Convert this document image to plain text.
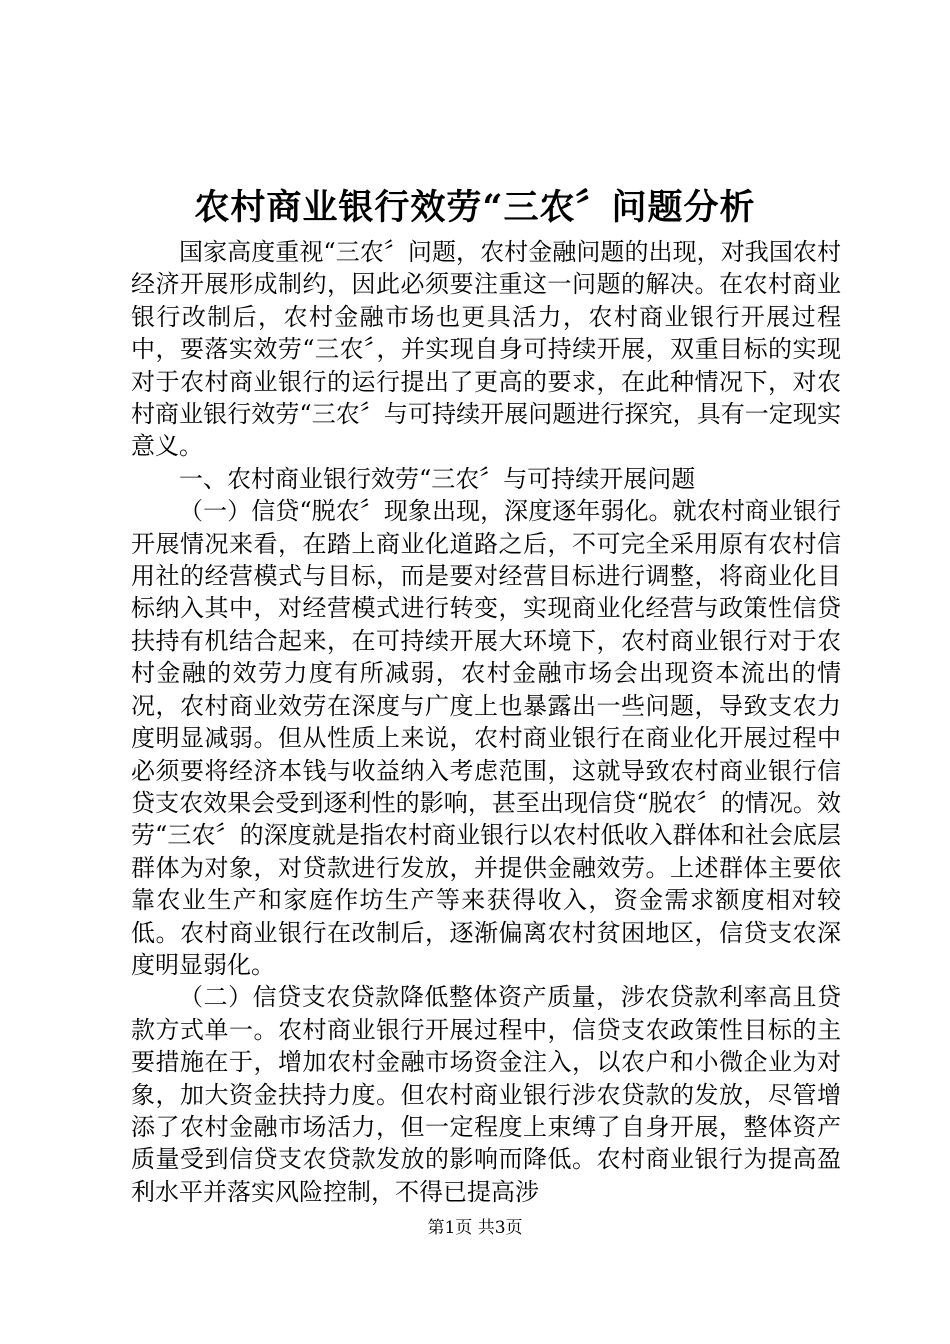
农村商业银行效劳“三农〞问题分析

国家高度重视“三农〞问题，农村金融问题的出现，对我国农村经济开展形成制约，因此必须要注重这一问题的解决。在农村商业银行改制后，农村金融市场也更具活力，农村商业银行开展过程中，要落实效劳“三农〞，并实现自身可持续开展，双重目标的实现对于农村商业银行的运行提出了更高的要求，在此种情况下，对农村商业银行效劳“三农〞与可持续开展问题进行探究，具有一定现实意义。

一、农村商业银行效劳“三农〞与可持续开展问题

（一）信贷“脱农〞现象出现，深度逐年弱化。就农村商业银行开展情况来看，在踏上商业化道路之后，不可完全采用原有农村信用社的经营模式与目标，而是要对经营目标进行调整，将商业化目标纳入其中，对经营模式进行转变，实现商业化经营与政策性信贷扶持有机结合起来，在可持续开展大环境下，农村商业银行对于农村金融的效劳力度有所减弱，农村金融市场会出现资本流出的情况，农村商业效劳在深度与广度上也暴露出一些问题，导致支农力度明显减弱。但从性质上来说，农村商业银行在商业化开展过程中必须要将经济本钱与收益纳入考虑范围，这就导致农村商业银行信贷支农效果会受到逐利性的影响，甚至出现信贷“脱农〞的情况。效劳“三农〞的深度就是指农村商业银行以农村低收入群体和社会底层群体为对象，对贷款进行发放，并提供金融效劳。上述群体主要依靠农业生产和家庭作坊生产等来获得收入，资金需求额度相对较低。农村商业银行在改制后，逐渐偏离农村贫困地区，信贷支农深度明显弱化。

（二）信贷支农贷款降低整体资产质量，涉农贷款利率高且贷款方式单一。农村商业银行开展过程中，信贷支农政策性目标的主要措施在于，增加农村金融市场资金注入，以农户和小微企业为对象，加大资金扶持力度。但农村商业银行涉农贷款的发放，尽管增添了农村金融市场活力，但一定程度上束缚了自身开展，整体资产质量受到信贷支农贷款发放的影响而降低。农村商业银行为提高盈利水平并落实风险控制，不得已提高涉

第1页 共3页
